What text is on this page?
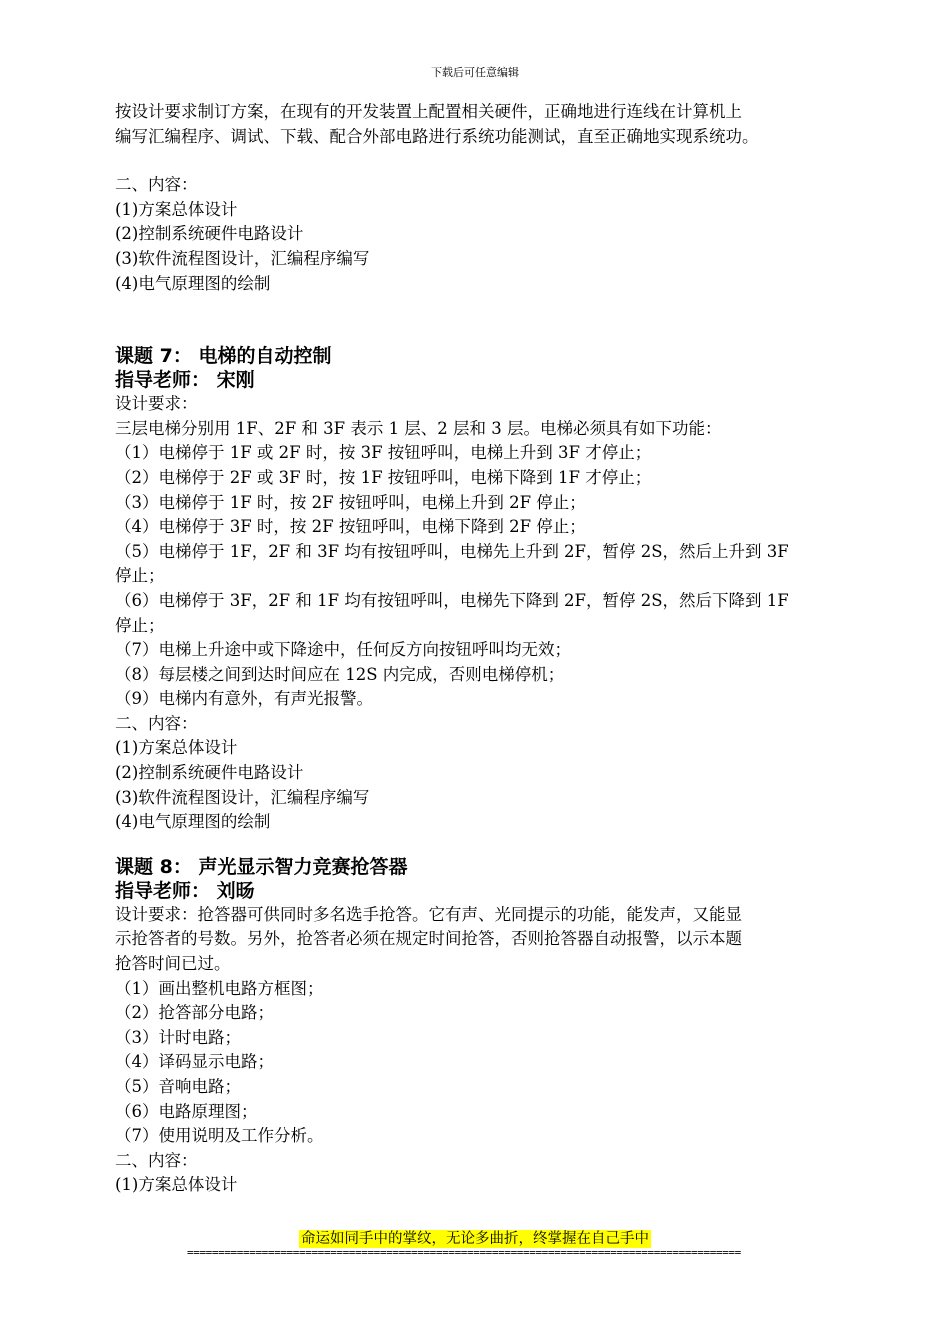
下载后可任意编辑
按设计要求制订方案，在现有的开发装置上配置相关硬件，正确地进行连线在计算机上
编写汇编程序、调试、下载、配合外部电路进行系统功能测试，直至正确地实现系统功。
二、内容：
(1)方案总体设计
(2)控制系统硬件电路设计
(3)软件流程图设计，汇编程序编写
(4)电气原理图的绘制
课题 7： 电梯的自动控制
指导老师： 宋刚
设计要求：
三层电梯分别用 1F、2F 和 3F 表示 1 层、2 层和 3 层。电梯必须具有如下功能：
（1）电梯停于 1F 或 2F 时，按 3F 按钮呼叫，电梯上升到 3F 才停止；
（2）电梯停于 2F 或 3F 时，按 1F 按钮呼叫，电梯下降到 1F 才停止；
（3）电梯停于 1F 时，按 2F 按钮呼叫，电梯上升到 2F 停止；
（4）电梯停于 3F 时，按 2F 按钮呼叫，电梯下降到 2F 停止；
（5）电梯停于 1F，2F 和 3F 均有按钮呼叫，电梯先上升到 2F，暂停 2S，然后上升到 3F
停止；
（6）电梯停于 3F，2F 和 1F 均有按钮呼叫，电梯先下降到 2F，暂停 2S，然后下降到 1F
停止；
（7）电梯上升途中或下降途中，任何反方向按钮呼叫均无效；
（8）每层楼之间到达时间应在 12S 内完成，否则电梯停机；
（9）电梯内有意外，有声光报警。
二、内容：
(1)方案总体设计
(2)控制系统硬件电路设计
(3)软件流程图设计，汇编程序编写
(4)电气原理图的绘制
课题 8： 声光显示智力竞赛抢答器
指导老师： 刘旸
设计要求：抢答器可供同时多名选手抢答。它有声、光同提示的功能，能发声，又能显
示抢答者的号数。另外，抢答者必须在规定时间抢答，否则抢答器自动报警，以示本题
抢答时间已过。
（1）画出整机电路方框图；
（2）抢答部分电路；
（3）计时电路；
（4）译码显示电路；
（5）音响电路；
（6）电路原理图；
（7）使用说明及工作分析。
二、内容：
(1)方案总体设计
命运如同手中的掌纹，无论多曲折，终掌握在自己手中
=========================================================================================
